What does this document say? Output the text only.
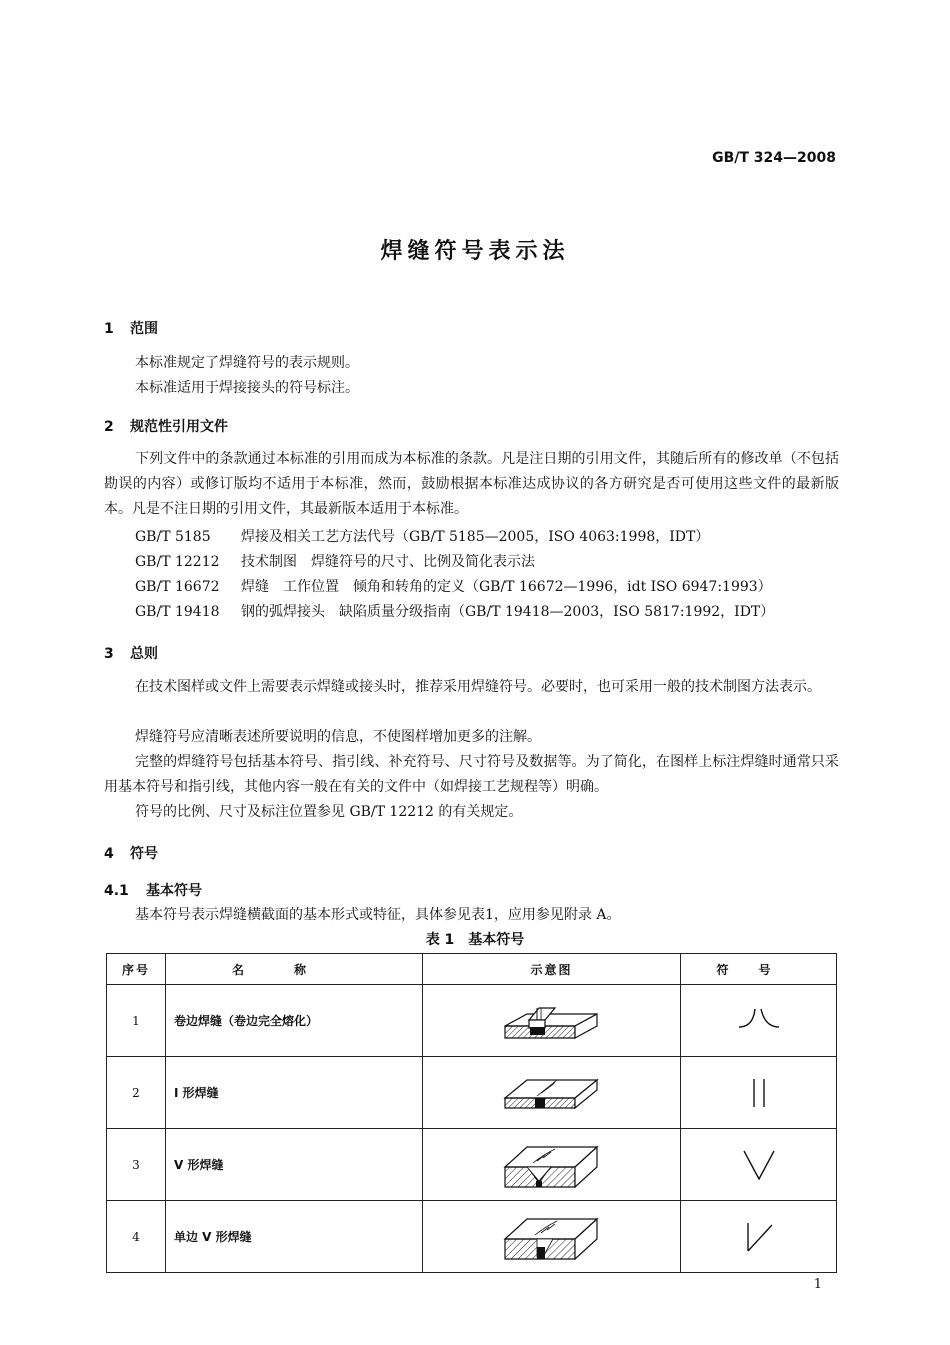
GB/T 324—2008
焊缝符号表示法
1 范围
本标准规定了焊缝符号的表示规则。
本标准适用于焊接接头的符号标注。
2 规范性引用文件
下列文件中的条款通过本标准的引用而成为本标准的条款。凡是注日期的引用文件，其随后所有的修改单（不包括勘误的内容）或修订版均不适用于本标准，然而，鼓励根据本标准达成协议的各方研究是否可使用这些文件的最新版本。凡是不注日期的引用文件，其最新版本适用于本标准。
GB/T 5185 焊接及相关工艺方法代号（GB/T 5185—2005，ISO 4063:1998，IDT）
GB/T 12212 技术制图　焊缝符号的尺寸、比例及简化表示法
GB/T 16672 焊缝　工作位置　倾角和转角的定义（GB/T 16672—1996，idt ISO 6947:1993）
GB/T 19418 钢的弧焊接头　缺陷质量分级指南（GB/T 19418—2003，ISO 5817:1992，IDT）
3 总则
在技术图样或文件上需要表示焊缝或接头时，推荐采用焊缝符号。必要时，也可采用一般的技术制图方法表示。
焊缝符号应清晰表述所要说明的信息，不使图样增加更多的注解。
完整的焊缝符号包括基本符号、指引线、补充符号、尺寸符号及数据等。为了简化，在图样上标注焊缝时通常只采用基本符号和指引线，其他内容一般在有关的文件中（如焊接工艺规程等）明确。
符号的比例、尺寸及标注位置参见 GB/T 12212 的有关规定。
4 符号
4.1 基本符号
基本符号表示焊缝横截面的基本形式或特征，具体参见表1，应用参见附录 A。
表 1　基本符号
序号	名称	示意图	符号
1	卷边焊缝（卷边完全熔化）		
2	I 形焊缝		
3	V 形焊缝		
4	单边 V 形焊缝		
1
